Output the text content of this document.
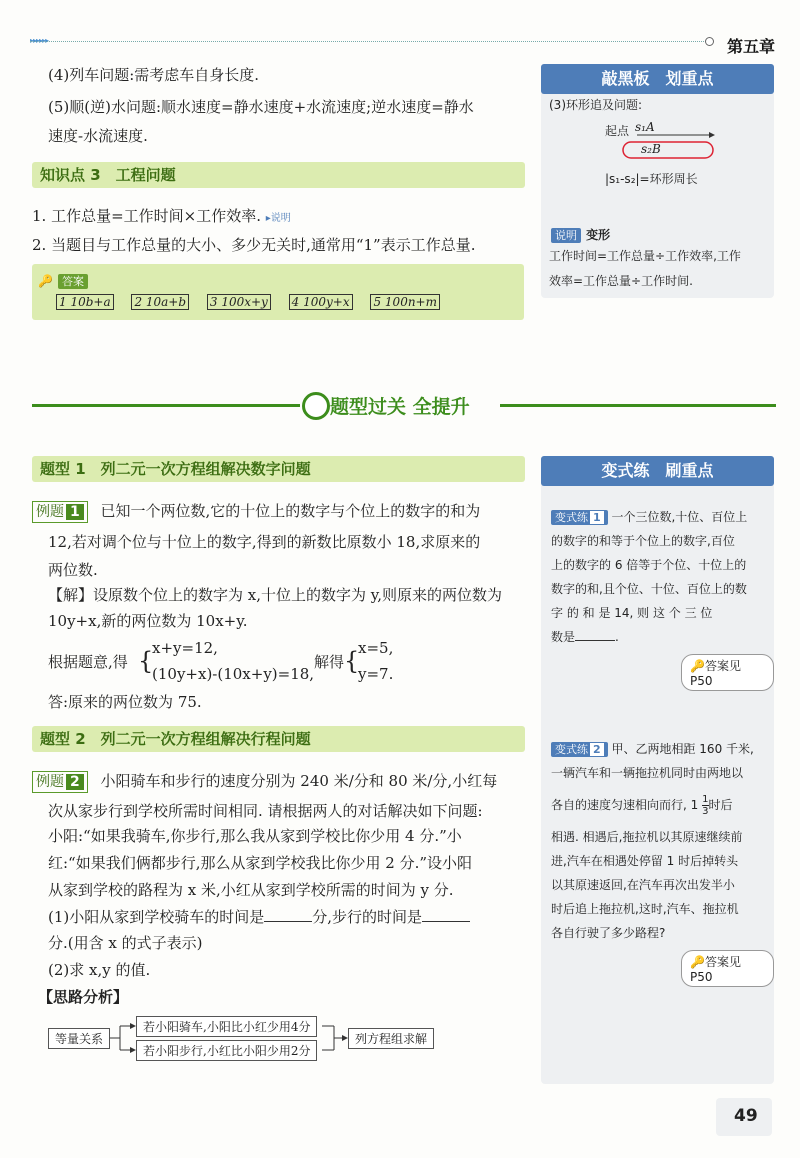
▸▸▸▸▸▸	第五章
(4)列车问题:需考虑车自身长度.
(5)顺(逆)水问题:顺水速度=静水速度+水流速度;逆水速度=静水
速度-水流速度.
知识点 3　工程问题
1. 工作总量=工作时间×工作效率. ▸说明
2. 当题目与工作总量的大小、多少无关时,通常用“1”表示工作总量.
🔑 答案
1 10b+a 2 10a+b 3 100x+y 4 100y+x 5 100n+m
敲黑板　划重点
(3)环形追及问题:
起点 s₁A
s₂B
|s₁-s₂|=环形周长
说明 变形
工作时间=工作总量÷工作效率,工作
效率=工作总量÷工作时间.
题型过关 全提升
题型 1　列二元一次方程组解决数字问题
例题 1 已知一个两位数,它的十位上的数字与个位上的数字的和为
12,若对调个位与十位上的数字,得到的新数比原数小 18,求原来的
两位数.
【解】设原数个位上的数字为 x,十位上的数字为 y,则原来的两位数为
10y+x,新的两位数为 10x+y.
根据题意,得 {
x+y=12,
(10y+x)-(10x+y)=18,
解得 {
x=5,
y=7.
答:原来的两位数为 75.
题型 2　列二元一次方程组解决行程问题
例题 2 小阳骑车和步行的速度分别为 240 米/分和 80 米/分,小红每
次从家步行到学校所需时间相同. 请根据两人的对话解决如下问题:
小阳:“如果我骑车,你步行,那么我从家到学校比你少用 4 分.”小
红:“如果我们俩都步行,那么从家到学校我比你少用 2 分.”设小阳
从家到学校的路程为 x 米,小红从家到学校所需的时间为 y 分.
(1)小阳从家到学校骑车的时间是	分,步行的时间是
分.(用含 x 的式子表示)
(2)求 x,y 的值.
【思路分析】
等量关系
若小阳骑车,小阳比小红少用4分
若小阳步行,小红比小阳少用2分
列方程组求解
变式练　刷重点
变式练 1 一个三位数,十位、百位上
的数字的和等于个位上的数字,百位
上的数字的 6 倍等于个位、十位上的
数字的和,且个位、十位、百位上的数
字 的 和 是 14, 则 这 个 三 位
数是	.
🔑答案见 P50
变式练 2 甲、乙两地相距 160 千米,
一辆汽车和一辆拖拉机同时由两地以
各自的速度匀速相向而行, $1 \frac{1}{3}$ 时后
相遇. 相遇后,拖拉机以其原速继续前
进,汽车在相遇处停留 1 时后掉转头
以其原速返回,在汽车再次出发半小
时后追上拖拉机,这时,汽车、拖拉机
各自行驶了多少路程?
🔑答案见 P50
49
